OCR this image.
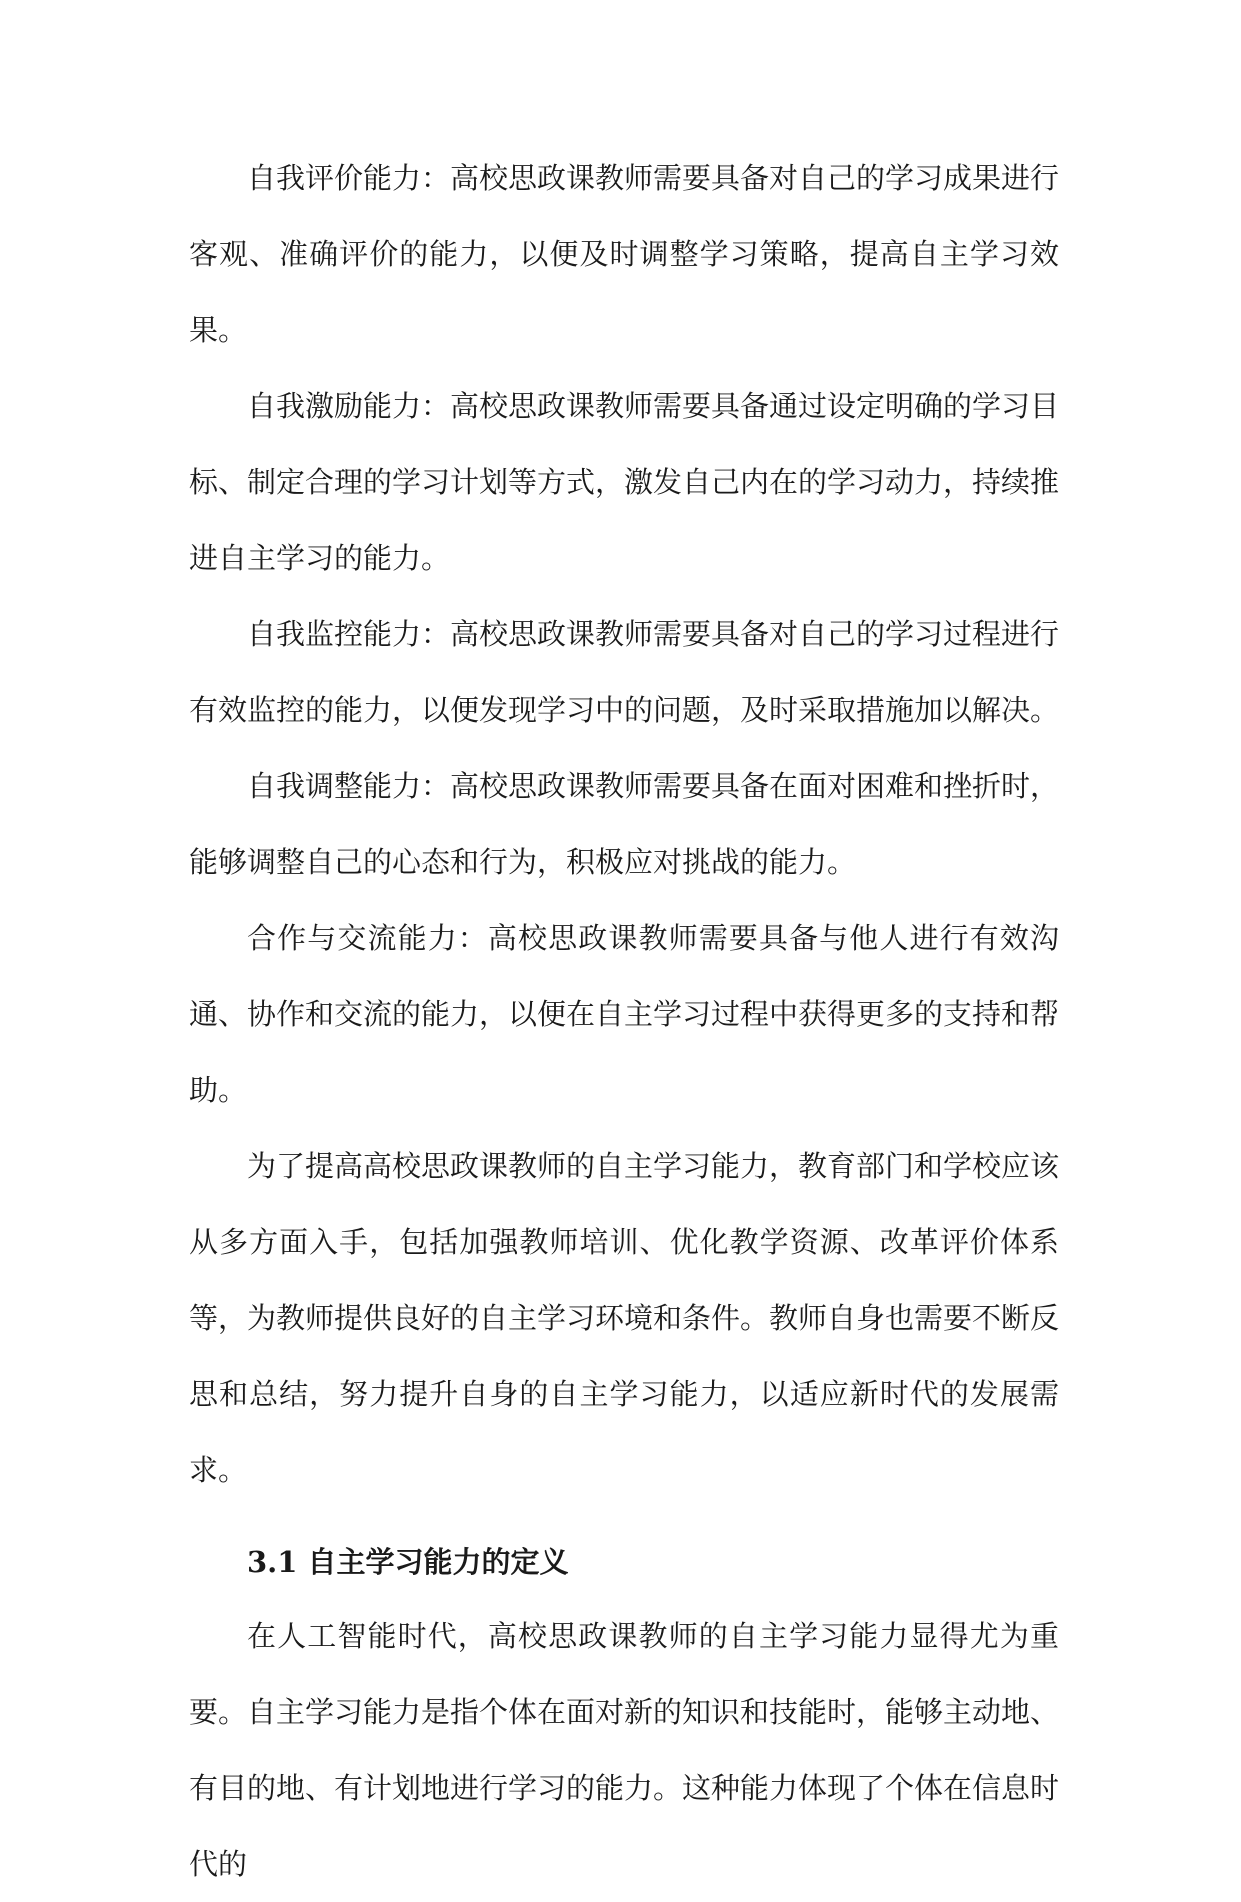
自我评价能力：高校思政课教师需要具备对自己的学习成果进行客观、准确评价的能力，以便及时调整学习策略，提高自主学习效果。

自我激励能力：高校思政课教师需要具备通过设定明确的学习目标、制定合理的学习计划等方式，激发自己内在的学习动力，持续推进自主学习的能力。

自我监控能力：高校思政课教师需要具备对自己的学习过程进行有效监控的能力，以便发现学习中的问题，及时采取措施加以解决。

自我调整能力：高校思政课教师需要具备在面对困难和挫折时，能够调整自己的心态和行为，积极应对挑战的能力。

合作与交流能力：高校思政课教师需要具备与他人进行有效沟通、协作和交流的能力，以便在自主学习过程中获得更多的支持和帮助。

为了提高高校思政课教师的自主学习能力，教育部门和学校应该从多方面入手，包括加强教师培训、优化教学资源、改革评价体系等，为教师提供良好的自主学习环境和条件。教师自身也需要不断反思和总结，努力提升自身的自主学习能力，以适应新时代的发展需求。

3.1 自主学习能力的定义

在人工智能时代，高校思政课教师的自主学习能力显得尤为重要。自主学习能力是指个体在面对新的知识和技能时，能够主动地、有目的地、有计划地进行学习的能力。这种能力体现了个体在信息时代的
